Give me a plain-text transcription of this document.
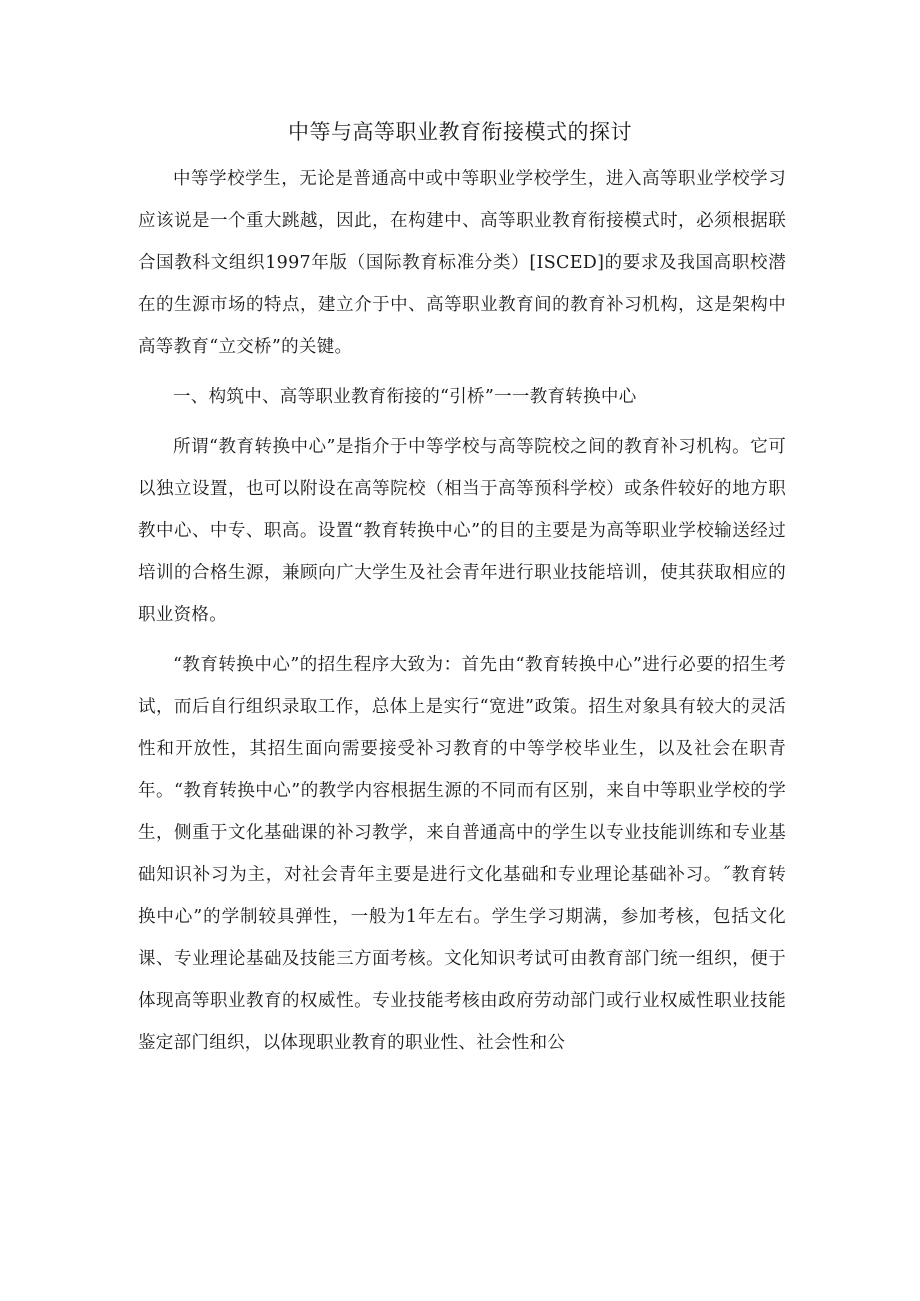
中等与高等职业教育衔接模式的探讨

中等学校学生，无论是普通高中或中等职业学校学生，进入高等职业学校学习应该说是一个重大跳越，因此，在构建中、高等职业教育衔接模式时，必须根据联合国教科文组织1997年版（国际教育标准分类）[ISCED]的要求及我国高职校潜在的生源市场的特点，建立介于中、高等职业教育间的教育补习机构，这是架构中高等教育“立交桥”的关键。

一、构筑中、高等职业教育衔接的“引桥”一一教育转换中心

所谓“教育转换中心”是指介于中等学校与高等院校之间的教育补习机构。它可以独立设置，也可以附设在高等院校（相当于高等预科学校）或条件较好的地方职教中心、中专、职高。设置“教育转换中心”的目的主要是为高等职业学校输送经过培训的合格生源，兼顾向广大学生及社会青年进行职业技能培训，使其获取相应的职业资格。

“教育转换中心”的招生程序大致为：首先由“教育转换中心”进行必要的招生考试，而后自行组织录取工作，总体上是实行“宽进”政策。招生对象具有较大的灵活性和开放性，其招生面向需要接受补习教育的中等学校毕业生，以及社会在职青年。“教育转换中心”的教学内容根据生源的不同而有区别，来自中等职业学校的学生，侧重于文化基础课的补习教学，来自普通高中的学生以专业技能训练和专业基础知识补习为主，对社会青年主要是进行文化基础和专业理论基础补习。˝教育转换中心”的学制较具弹性，一般为1年左右。学生学习期满，参加考核，包括文化课、专业理论基础及技能三方面考核。文化知识考试可由教育部门统一组织，便于体现高等职业教育的权威性。专业技能考核由政府劳动部门或行业权威性职业技能鉴定部门组织，以体现职业教育的职业性、社会性和公
